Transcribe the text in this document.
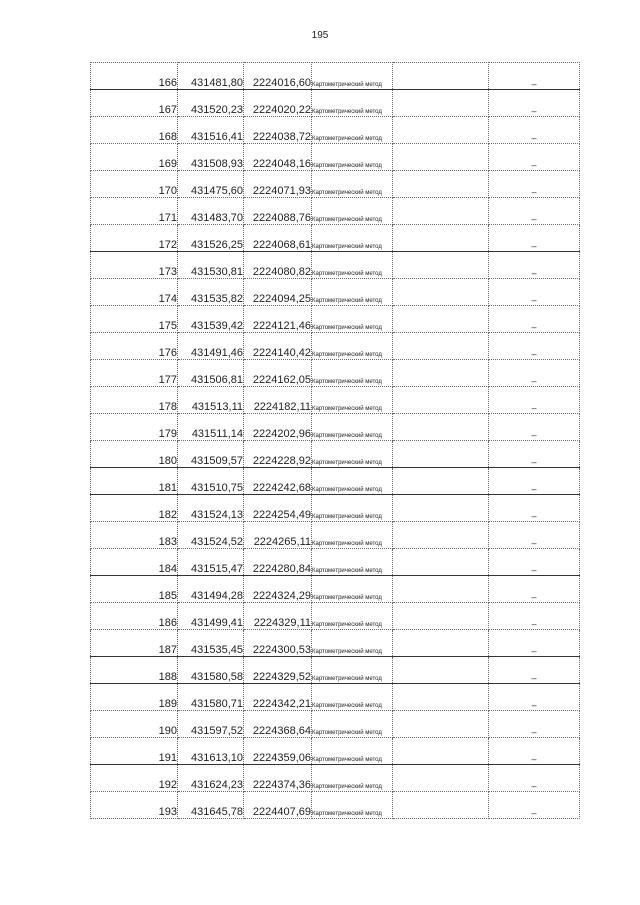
195
166	431481,80	2224016,60	Картометрический метод		–
167	431520,23	2224020,22	Картометрический метод		–
168	431516,41	2224038,72	Картометрический метод		–
169	431508,93	2224048,16	Картометрический метод		–
170	431475,60	2224071,93	Картометрический метод		–
171	431483,70	2224088,76	Картометрический метод		–
172	431526,25	2224068,61	Картометрический метод		–
173	431530,81	2224080,82	Картометрический метод		–
174	431535,82	2224094,25	Картометрический метод		–
175	431539,42	2224121,46	Картометрический метод		–
176	431491,46	2224140,42	Картометрический метод		–
177	431506,81	2224162,05	Картометрический метод		–
178	431513,11	2224182,11	Картометрический метод		–
179	431511,14	2224202,96	Картометрический метод		–
180	431509,57	2224228,92	Картометрический метод		–
181	431510,75	2224242,68	Картометрический метод		–
182	431524,13	2224254,49	Картометрический метод		–
183	431524,52	2224265,11	Картометрический метод		–
184	431515,47	2224280,84	Картометрический метод		–
185	431494,28	2224324,29	Картометрический метод		–
186	431499,41	2224329,11	Картометрический метод		–
187	431535,45	2224300,53	Картометрический метод		–
188	431580,58	2224329,52	Картометрический метод		–
189	431580,71	2224342,21	Картометрический метод		–
190	431597,52	2224368,64	Картометрический метод		–
191	431613,10	2224359,06	Картометрический метод		–
192	431624,23	2224374,36	Картометрический метод		–
193	431645,78	2224407,69	Картометрический метод		–
